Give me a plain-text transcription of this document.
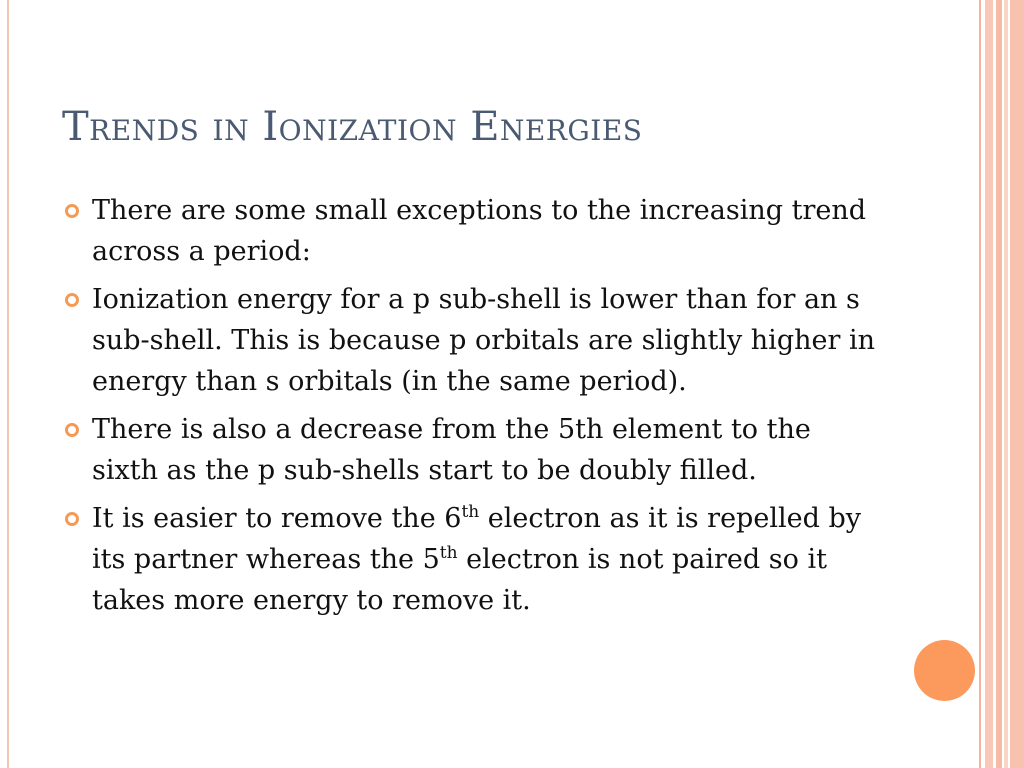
Trends in Ionization Energies
There are some small exceptions to the increasing trend across a period:
Ionization energy for a p sub-shell is lower than for an s sub-shell. This is because p orbitals are slightly higher in energy than s orbitals (in the same period).
There is also a decrease from the 5th element to the sixth as the p sub-shells start to be doubly filled.
It is easier to remove the 6th electron as it is repelled by its partner whereas the 5th electron is not paired so it takes more energy to remove it.
